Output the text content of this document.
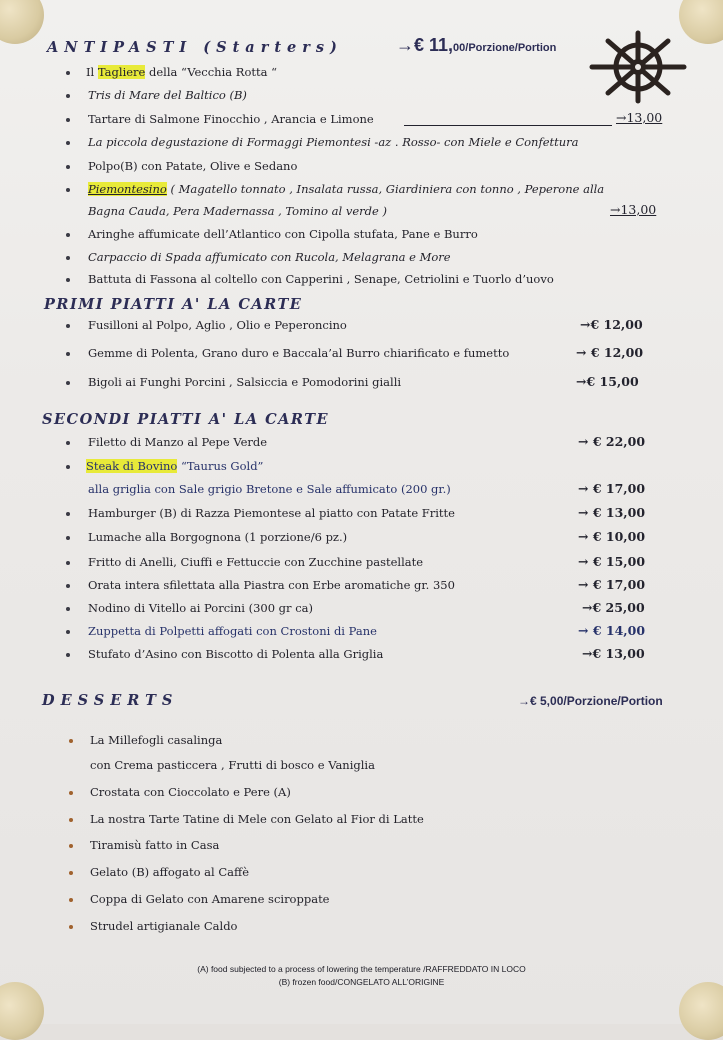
ANTIPASTI (Starters)	→€ 11,00/Porzione/Portion
Il Tagliere della “Vecchia Rotta “
Tris di Mare del Baltico (B)
Tartare di Salmone Finocchio , Arancia e Limone	→13,00
La piccola degustazione di Formaggi Piemontesi -az . Rosso- con Miele e Confettura
Polpo(B) con Patate, Olive e Sedano
Piemontesino ( Magatello tonnato , Insalata russa, Giardiniera con tonno , Peperone alla
Bagna Cauda, Pera Madernassa , Tomino al verde )	→13,00
Aringhe affumicate dell’Atlantico con Cipolla stufata, Pane e Burro
Carpaccio di Spada affumicato con Rucola, Melagrana e More
Battuta di Fassona al coltello con Capperini , Senape, Cetriolini e Tuorlo d’uovo
PRIMI PIATTI A' LA CARTE
Fusilloni al Polpo, Aglio , Olio e Peperoncino	→€ 12,00
Gemme di Polenta, Grano duro e Baccala’al Burro chiarificato e fumetto	→ € 12,00
Bigoli ai Funghi Porcini , Salsiccia e Pomodorini gialli	→€ 15,00
SECONDI PIATTI A' LA CARTE
Filetto di Manzo al Pepe Verde	→ € 22,00
Steak di Bovino “Taurus Gold”
alla griglia con Sale grigio Bretone e Sale affumicato (200 gr.)	→ € 17,00
Hamburger (B) di Razza Piemontese al piatto con Patate Fritte	→ € 13,00
Lumache alla Borgognona (1 porzione/6 pz.)	→ € 10,00
Fritto di Anelli, Ciuffi e Fettuccie con Zucchine pastellate	→ € 15,00
Orata intera sfilettata alla Piastra con Erbe aromatiche gr. 350	→ € 17,00
Nodino di Vitello ai Porcini (300 gr ca)	→€ 25,00
Zuppetta di Polpetti affogati con Crostoni di Pane	→ € 14,00
Stufato d’Asino con Biscotto di Polenta alla Griglia	→€ 13,00
DESSERTS	→€ 5,00/Porzione/Portion
La Millefogli casalinga
con Crema pasticcera , Frutti di bosco e Vaniglia
Crostata con Cioccolato e Pere (A)
La nostra Tarte Tatine di Mele con Gelato al Fior di Latte
Tiramisù fatto in Casa
Gelato (B) affogato al Caffè
Coppa di Gelato con Amarene sciroppate
Strudel artigianale Caldo
(A) food subjected to a process of lowering the temperature /RAFFREDDATO IN LOCO
(B) frozen food/CONGELATO ALL’ORIGINE
